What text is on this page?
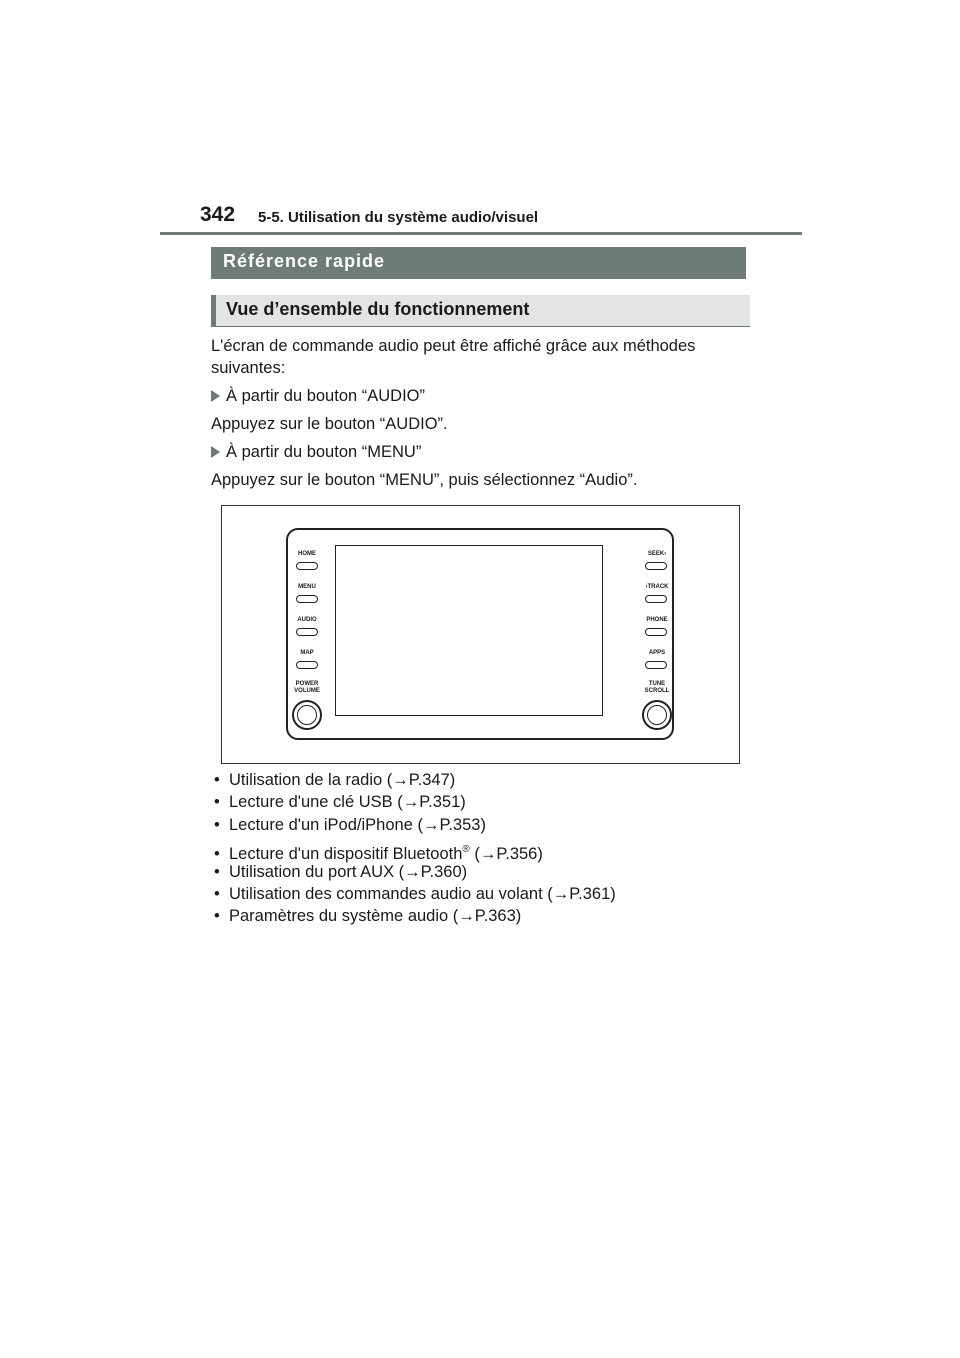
342 5-5. Utilisation du système audio/visuel
Référence rapide
Vue d’ensemble du fonctionnement
L'écran de commande audio peut être affiché grâce aux méthodes
suivantes:
À partir du bouton “AUDIO”
Appuyez sur le bouton “AUDIO”.
À partir du bouton “MENU”
Appuyez sur le bouton “MENU”, puis sélectionnez “Audio”.
HOME
MENU
AUDIO
MAP
POWER
VOLUME
SEEK›
‹TRACK
PHONE
APPS
TUNE
SCROLL
• Utilisation de la radio (→P.347)
• Lecture d'une clé USB (→P.351)
• Lecture d'un iPod/iPhone (→P.353)
• Lecture d'un dispositif Bluetooth® (→P.356)
• Utilisation du port AUX (→P.360)
• Utilisation des commandes audio au volant (→P.361)
• Paramètres du système audio (→P.363)
